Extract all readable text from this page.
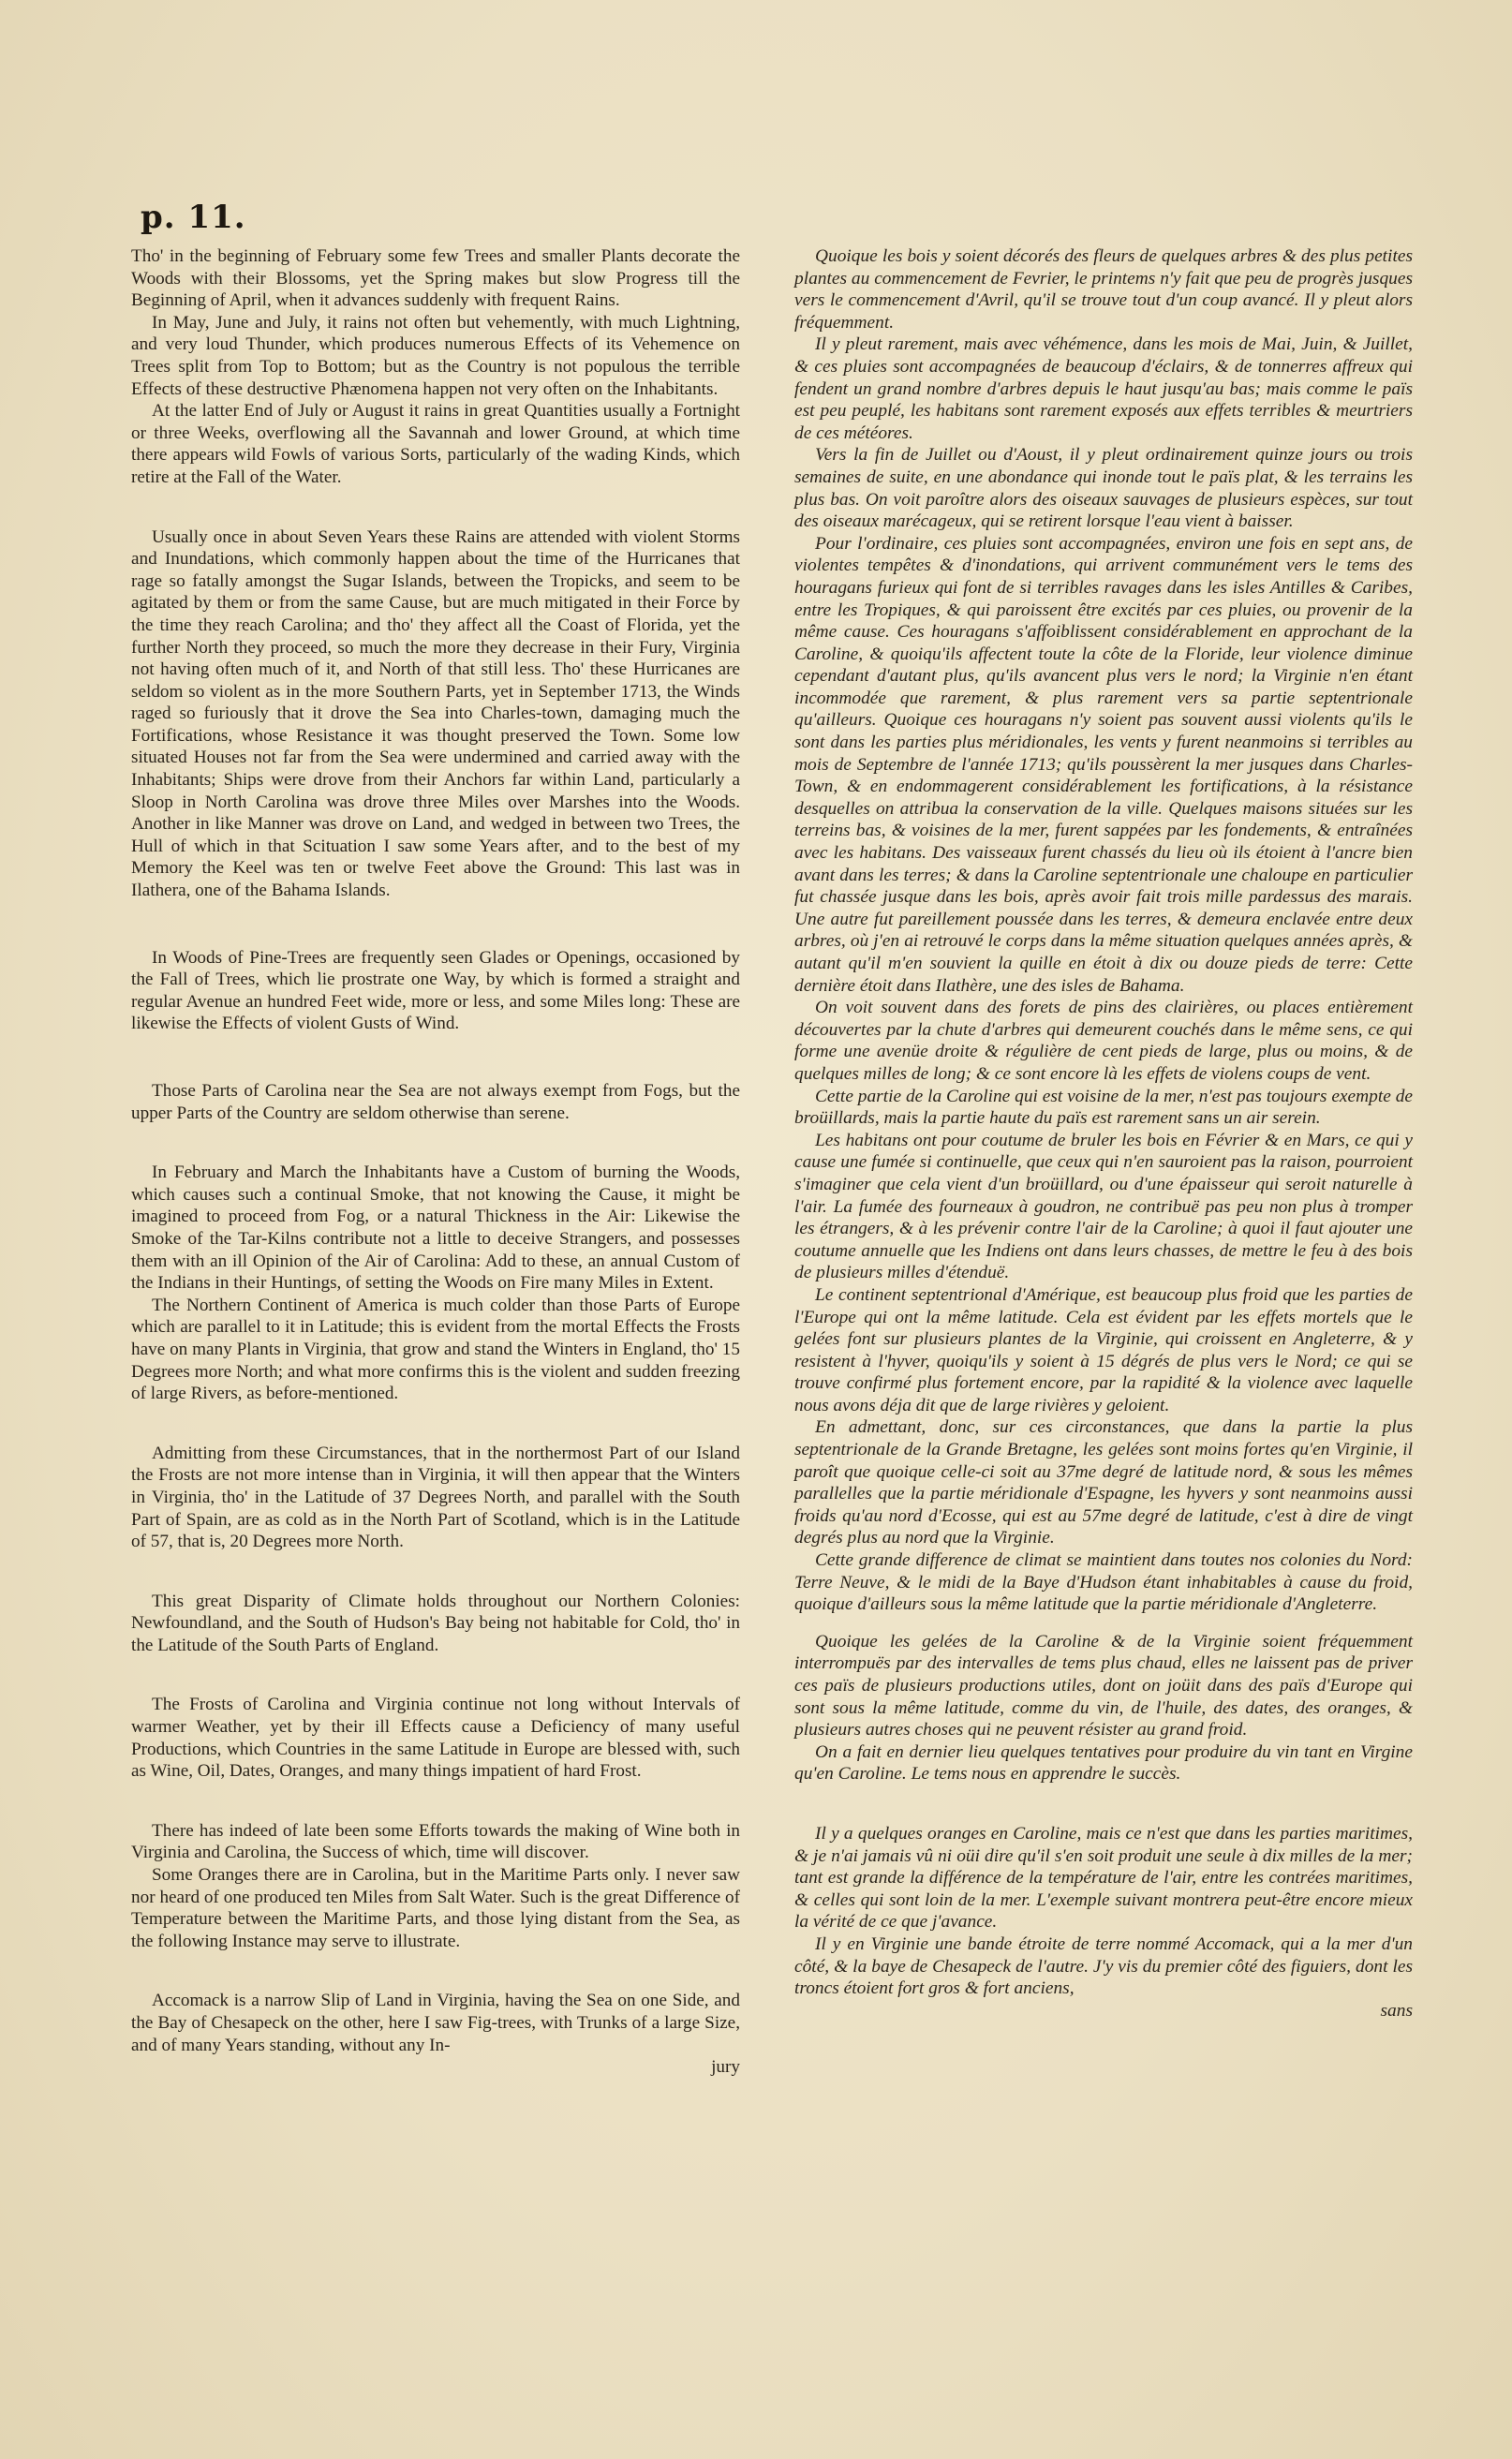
p. 11.

Tho' in the beginning of February some few Trees and smaller Plants decorate the Woods with their Blossoms, yet the Spring makes but slow Progress till the Beginning of April, when it advances suddenly with frequent Rains.

In May, June and July, it rains not often but vehemently, with much Lightning, and very loud Thunder, which produces numerous Effects of its Vehemence on Trees split from Top to Bottom; but as the Country is not populous the terrible Effects of these destructive Phænomena happen not very often on the Inhabitants.

At the latter End of July or August it rains in great Quantities usually a Fortnight or three Weeks, overflowing all the Savannah and lower Ground, at which time there appears wild Fowls of various Sorts, particularly of the wading Kinds, which retire at the Fall of the Water.

Usually once in about Seven Years these Rains are attended with violent Storms and Inundations, which commonly happen about the time of the Hurricanes that rage so fatally amongst the Sugar Islands, between the Tropicks, and seem to be agitated by them or from the same Cause, but are much mitigated in their Force by the time they reach Carolina; and tho' they affect all the Coast of Florida, yet the further North they proceed, so much the more they decrease in their Fury, Virginia not having often much of it, and North of that still less. Tho' these Hurricanes are seldom so violent as in the more Southern Parts, yet in September 1713, the Winds raged so furiously that it drove the Sea into Charles-town, damaging much the Fortifications, whose Resistance it was thought preserved the Town. Some low situated Houses not far from the Sea were undermined and carried away with the Inhabitants; Ships were drove from their Anchors far within Land, particularly a Sloop in North Carolina was drove three Miles over Marshes into the Woods. Another in like Manner was drove on Land, and wedged in between two Trees, the Hull of which in that Scituation I saw some Years after, and to the best of my Memory the Keel was ten or twelve Feet above the Ground: This last was in Ilathera, one of the Bahama Islands.

In Woods of Pine-Trees are frequently seen Glades or Openings, occasioned by the Fall of Trees, which lie prostrate one Way, by which is formed a straight and regular Avenue an hundred Feet wide, more or less, and some Miles long: These are likewise the Effects of violent Gusts of Wind.

Those Parts of Carolina near the Sea are not always exempt from Fogs, but the upper Parts of the Country are seldom otherwise than serene.

In February and March the Inhabitants have a Custom of burning the Woods, which causes such a continual Smoke, that not knowing the Cause, it might be imagined to proceed from Fog, or a natural Thickness in the Air: Likewise the Smoke of the Tar-Kilns contribute not a little to deceive Strangers, and possesses them with an ill Opinion of the Air of Carolina: Add to these, an annual Custom of the Indians in their Huntings, of setting the Woods on Fire many Miles in Extent.

The Northern Continent of America is much colder than those Parts of Europe which are parallel to it in Latitude; this is evident from the mortal Effects the Frosts have on many Plants in Virginia, that grow and stand the Winters in England, tho' 15 Degrees more North; and what more confirms this is the violent and sudden freezing of large Rivers, as before-mentioned.

Admitting from these Circumstances, that in the northermost Part of our Island the Frosts are not more intense than in Virginia, it will then appear that the Winters in Virginia, tho' in the Latitude of 37 Degrees North, and parallel with the South Part of Spain, are as cold as in the North Part of Scotland, which is in the Latitude of 57, that is, 20 Degrees more North.

This great Disparity of Climate holds throughout our Northern Colonies: Newfoundland, and the South of Hudson's Bay being not habitable for Cold, tho' in the Latitude of the South Parts of England.

The Frosts of Carolina and Virginia continue not long without Intervals of warmer Weather, yet by their ill Effects cause a Deficiency of many useful Productions, which Countries in the same Latitude in Europe are blessed with, such as Wine, Oil, Dates, Oranges, and many things impatient of hard Frost.

There has indeed of late been some Efforts towards the making of Wine both in Virginia and Carolina, the Success of which, time will discover.

Some Oranges there are in Carolina, but in the Maritime Parts only. I never saw nor heard of one produced ten Miles from Salt Water. Such is the great Difference of Temperature between the Maritime Parts, and those lying distant from the Sea, as the following Instance may serve to illustrate.

Accomack is a narrow Slip of Land in Virginia, having the Sea on one Side, and the Bay of Chesapeck on the other, here I saw Fig-trees, with Trunks of a large Size, and of many Years standing, without any In-

jury

Quoique les bois y soient décorés des fleurs de quelques arbres & des plus petites plantes au commencement de Fevrier, le printems n'y fait que peu de progrès jusques vers le commencement d'Avril, qu'il se trouve tout d'un coup avancé. Il y pleut alors fréquemment.

Il y pleut rarement, mais avec véhémence, dans les mois de Mai, Juin, & Juillet, & ces pluies sont accompagnées de beaucoup d'éclairs, & de tonnerres affreux qui fendent un grand nombre d'arbres depuis le haut jusqu'au bas; mais comme le païs est peu peuplé, les habitans sont rarement exposés aux effets terribles & meurtriers de ces météores.

Vers la fin de Juillet ou d'Aoust, il y pleut ordinairement quinze jours ou trois semaines de suite, en une abondance qui inonde tout le païs plat, & les terrains les plus bas. On voit paroître alors des oiseaux sauvages de plusieurs espèces, sur tout des oiseaux marécageux, qui se retirent lorsque l'eau vient à baisser.

Pour l'ordinaire, ces pluies sont accompagnées, environ une fois en sept ans, de violentes tempêtes & d'inondations, qui arrivent communément vers le tems des houragans furieux qui font de si terribles ravages dans les isles Antilles & Caribes, entre les Tropiques, & qui paroissent être excités par ces pluies, ou provenir de la même cause. Ces houragans s'affoiblissent considérablement en approchant de la Caroline, & quoiqu'ils affectent toute la côte de la Floride, leur violence diminue cependant d'autant plus, qu'ils avancent plus vers le nord; la Virginie n'en étant incommodée que rarement, & plus rarement vers sa partie septentrionale qu'ailleurs. Quoique ces houragans n'y soient pas souvent aussi violents qu'ils le sont dans les parties plus méridionales, les vents y furent neanmoins si terribles au mois de Septembre de l'année 1713; qu'ils poussèrent la mer jusques dans Charles-Town, & en endommagerent considérablement les fortifications, à la résistance desquelles on attribua la conservation de la ville. Quelques maisons situées sur les terreins bas, & voisines de la mer, furent sappées par les fondements, & entraînées avec les habitans. Des vaisseaux furent chassés du lieu où ils étoient à l'ancre bien avant dans les terres; & dans la Caroline septentrionale une chaloupe en particulier fut chassée jusque dans les bois, après avoir fait trois mille pardessus des marais. Une autre fut pareillement poussée dans les terres, & demeura enclavée entre deux arbres, où j'en ai retrouvé le corps dans la même situation quelques années après, & autant qu'il m'en souvient la quille en étoit à dix ou douze pieds de terre: Cette dernière étoit dans Ilathère, une des isles de Bahama.

On voit souvent dans des forets de pins des clairières, ou places entièrement découvertes par la chute d'arbres qui demeurent couchés dans le même sens, ce qui forme une avenüe droite & régulière de cent pieds de large, plus ou moins, & de quelques milles de long; & ce sont encore là les effets de violens coups de vent.

Cette partie de la Caroline qui est voisine de la mer, n'est pas toujours exempte de broüillards, mais la partie haute du païs est rarement sans un air serein.

Les habitans ont pour coutume de bruler les bois en Février & en Mars, ce qui y cause une fumée si continuelle, que ceux qui n'en sauroient pas la raison, pourroient s'imaginer que cela vient d'un broüillard, ou d'une épaisseur qui seroit naturelle à l'air. La fumée des fourneaux à goudron, ne contribuë pas peu non plus à tromper les étrangers, & à les prévenir contre l'air de la Caroline; à quoi il faut ajouter une coutume annuelle que les Indiens ont dans leurs chasses, de mettre le feu à des bois de plusieurs milles d'étenduë.

Le continent septentrional d'Amérique, est beaucoup plus froid que les parties de l'Europe qui ont la même latitude. Cela est évident par les effets mortels que le gelées font sur plusieurs plantes de la Virginie, qui croissent en Angleterre, & y resistent à l'hyver, quoiqu'ils y soient à 15 dégrés de plus vers le Nord; ce qui se trouve confirmé plus fortement encore, par la rapidité & la violence avec laquelle nous avons déja dit que de large rivières y geloient.

En admettant, donc, sur ces circonstances, que dans la partie la plus septentrionale de la Grande Bretagne, les gelées sont moins fortes qu'en Virginie, il paroît que quoique celle-ci soit au 37me degré de latitude nord, & sous les mêmes parallelles que la partie méridionale d'Espagne, les hyvers y sont neanmoins aussi froids qu'au nord d'Ecosse, qui est au 57me degré de latitude, c'est à dire de vingt degrés plus au nord que la Virginie.

Cette grande difference de climat se maintient dans toutes nos colonies du Nord: Terre Neuve, & le midi de la Baye d'Hudson étant inhabitables à cause du froid, quoique d'ailleurs sous la même latitude que la partie méridionale d'Angleterre.

Quoique les gelées de la Caroline & de la Virginie soient fréquemment interrompuës par des intervalles de tems plus chaud, elles ne laissent pas de priver ces païs de plusieurs productions utiles, dont on joüit dans des païs d'Europe qui sont sous la même latitude, comme du vin, de l'huile, des dates, des oranges, & plusieurs autres choses qui ne peuvent résister au grand froid.

On a fait en dernier lieu quelques tentatives pour produire du vin tant en Virgine qu'en Caroline. Le tems nous en apprendre le succès.

Il y a quelques oranges en Caroline, mais ce n'est que dans les parties maritimes, & je n'ai jamais vû ni oüi dire qu'il s'en soit produit une seule à dix milles de la mer; tant est grande la différence de la température de l'air, entre les contrées maritimes, & celles qui sont loin de la mer. L'exemple suivant montrera peut-être encore mieux la vérité de ce que j'avance.

Il y en Virginie une bande étroite de terre nommé Accomack, qui a la mer d'un côté, & la baye de Chesapeck de l'autre. J'y vis du premier côté des figuiers, dont les troncs étoient fort gros & fort anciens,

sans
